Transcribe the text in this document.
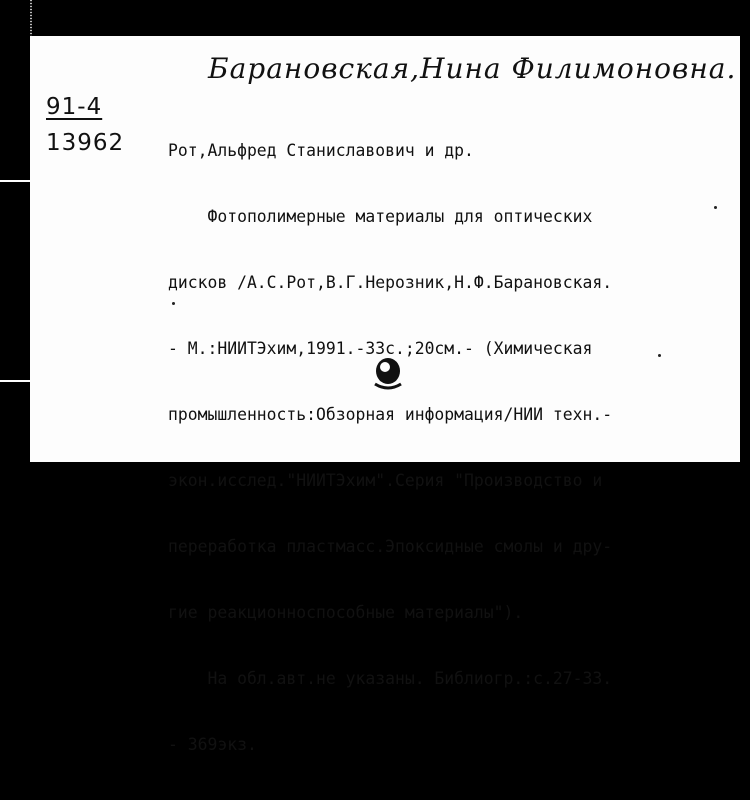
Барановская,Нина Филимоновна.
91-4
13962

	Рот,Альфред Станиславович и др.

Фотополимерные материалы для оптических

дисков /А.С.Рот,В.Г.Нерозник,Н.Ф.Барановская.

- М.:НИИТЭхим,1991.-33с.;20см.- (Химическая

промышленность:Обзорная информация/НИИ техн.-

экон.исслед."НИИТЭхим".Серия "Производство и

переработка пластмасс.Эпоксидные смолы и дру-

гие реакционноспособные материалы").

На обл.авт.не указаны. Библиогр.:с.27-33.

- 369экз.
